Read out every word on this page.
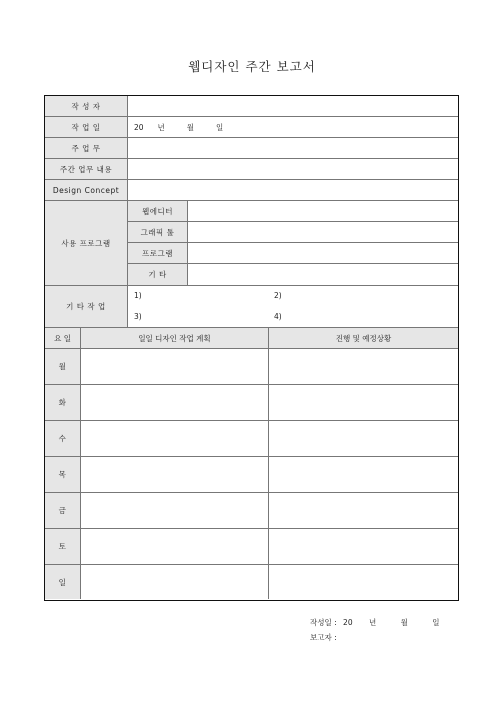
웹디자인 주간 보고서
작 성 자
작 업 일	20 년	월	일
주 업 무
주간 업무 내용
Design Concept
사용 프로그램
웹에디터
그래픽 툴
프로그램
기 타
기 타 작 업
1)	2)
3)	4)
요 일	일일 디자인 작업 계획	진행 및 예정상황
월
화
수
목
금
토
일
작성일 : 20 년	월	일
보고자 :
